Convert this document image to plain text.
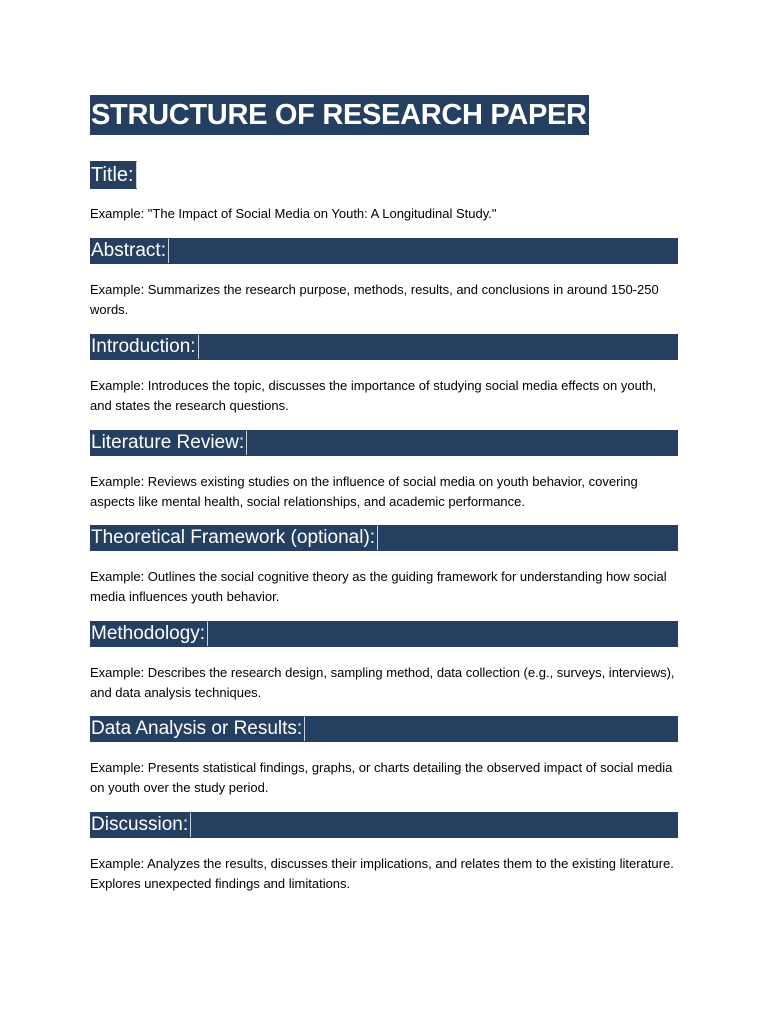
STRUCTURE OF RESEARCH PAPER
Title:

Example: "The Impact of Social Media on Youth: A Longitudinal Study."

Abstract:

Example: Summarizes the research purpose, methods, results, and conclusions in around 150-250 words.

Introduction:

Example: Introduces the topic, discusses the importance of studying social media effects on youth, and states the research questions.

Literature Review:

Example: Reviews existing studies on the influence of social media on youth behavior, covering aspects like mental health, social relationships, and academic performance.

Theoretical Framework (optional):

Example: Outlines the social cognitive theory as the guiding framework for understanding how social media influences youth behavior.

Methodology:

Example: Describes the research design, sampling method, data collection (e.g., surveys, interviews), and data analysis techniques.

Data Analysis or Results:

Example: Presents statistical findings, graphs, or charts detailing the observed impact of social media on youth over the study period.

Discussion:

Example: Analyzes the results, discusses their implications, and relates them to the existing literature. Explores unexpected findings and limitations.
